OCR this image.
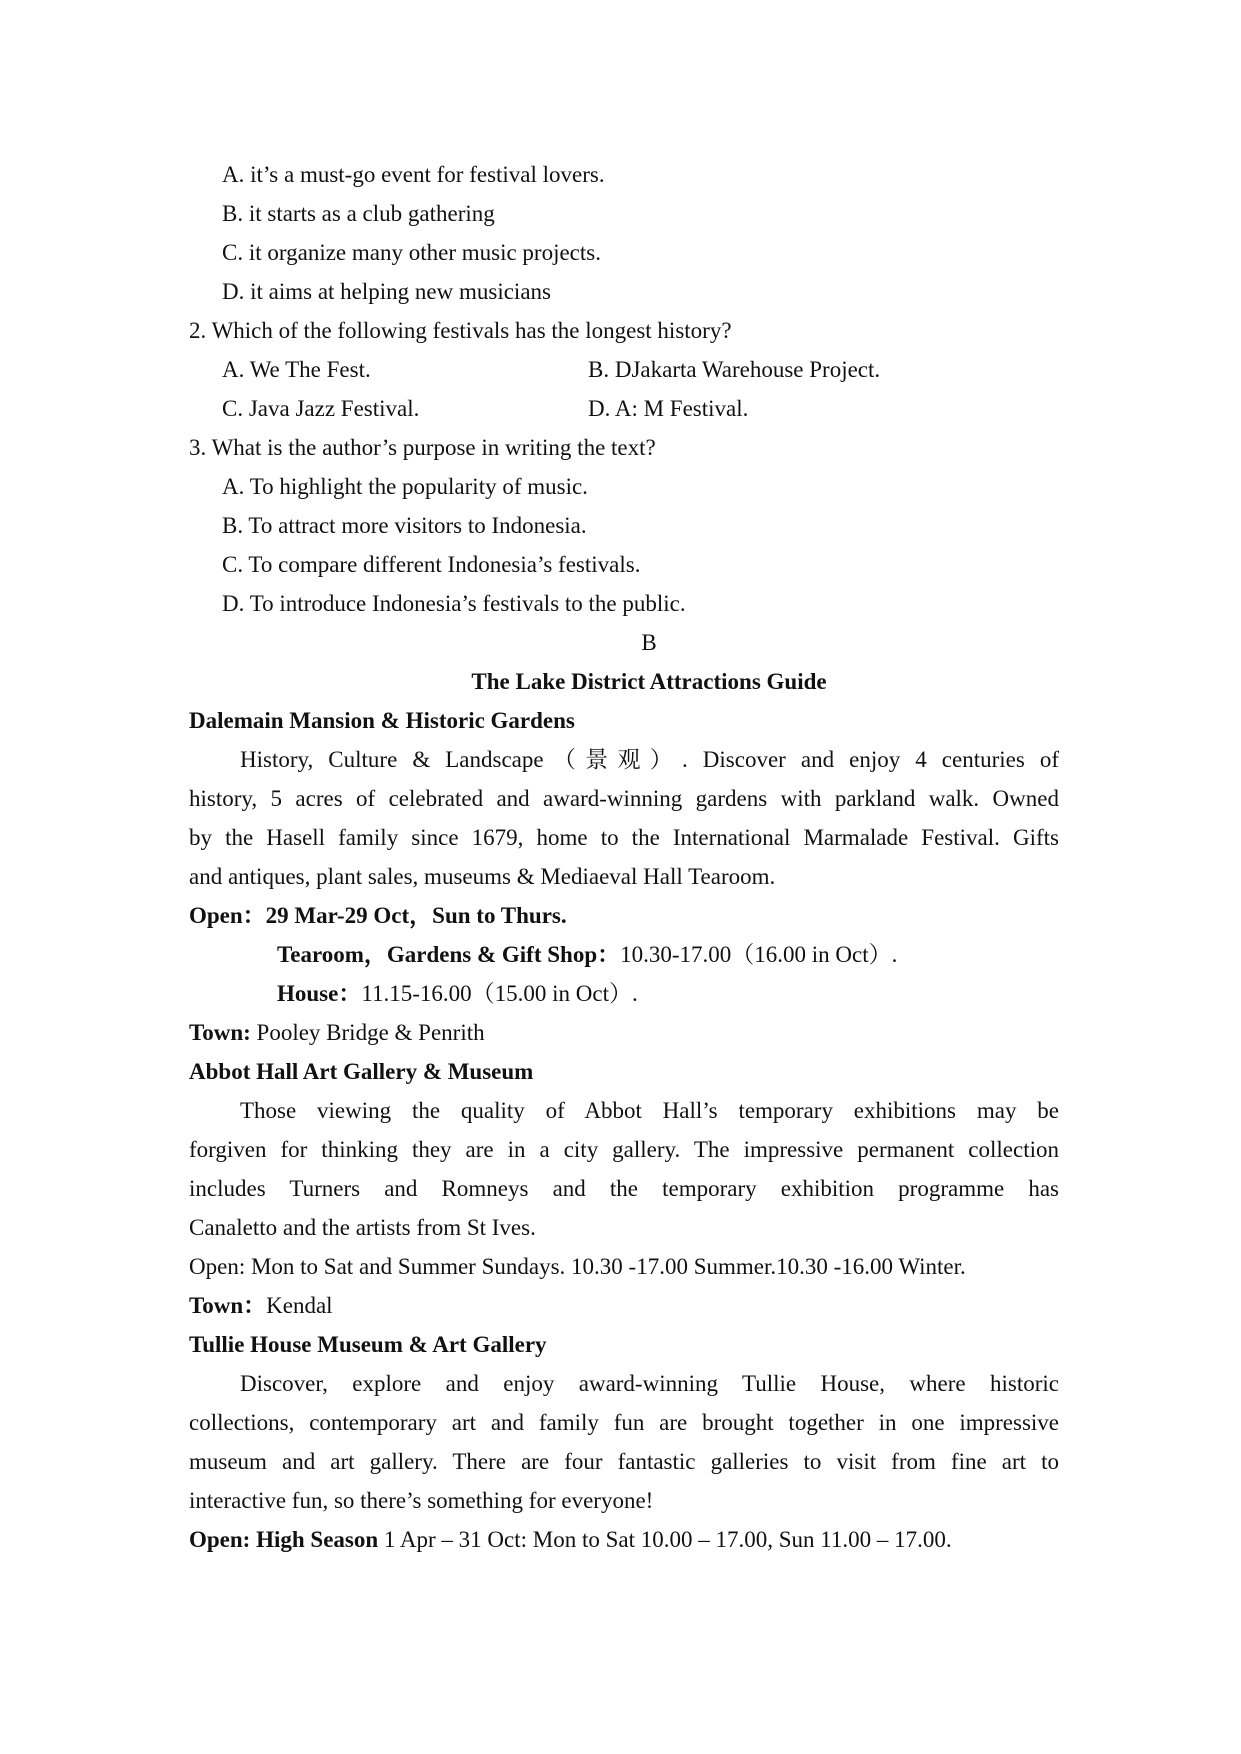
A. it’s a must-go event for festival lovers.
B. it starts as a club gathering
C. it organize many other music projects.
D. it aims at helping new musicians
2. Which of the following festivals has the longest history?
A. We The Fest.	B. DJakarta Warehouse Project.
C. Java Jazz Festival.	D. A: M Festival.
3. What is the author’s purpose in writing the text?
A. To highlight the popularity of music.
B. To attract more visitors to Indonesia.
C. To compare different Indonesia’s festivals.
D. To introduce Indonesia’s festivals to the public.
B
The Lake District Attractions Guide
Dalemain Mansion & Historic Gardens
History, Culture & Landscape（景观）. Discover and enjoy 4 centuries of
history, 5 acres of celebrated and award-winning gardens with parkland walk. Owned
by the Hasell family since 1679, home to the International Marmalade Festival. Gifts
and antiques, plant sales, museums & Mediaeval Hall Tearoom.
Open：29 Mar-29 Oct，Sun to Thurs.
Tearoom，Gardens & Gift Shop：10.30-17.00（16.00 in Oct）.
House：11.15-16.00（15.00 in Oct）.
Town: Pooley Bridge & Penrith
Abbot Hall Art Gallery & Museum
Those viewing the quality of Abbot Hall’s temporary exhibitions may be
forgiven for thinking they are in a city gallery. The impressive permanent collection
includes Turners and Romneys and the temporary exhibition programme has
Canaletto and the artists from St Ives.
Open: Mon to Sat and Summer Sundays. 10.30 -17.00 Summer.10.30 -16.00 Winter.
Town：Kendal
Tullie House Museum & Art Gallery
Discover, explore and enjoy award-winning Tullie House, where historic
collections, contemporary art and family fun are brought together in one impressive
museum and art gallery. There are four fantastic galleries to visit from fine art to
interactive fun, so there’s something for everyone!
Open: High Season 1 Apr – 31 Oct: Mon to Sat 10.00 – 17.00, Sun 11.00 – 17.00.
